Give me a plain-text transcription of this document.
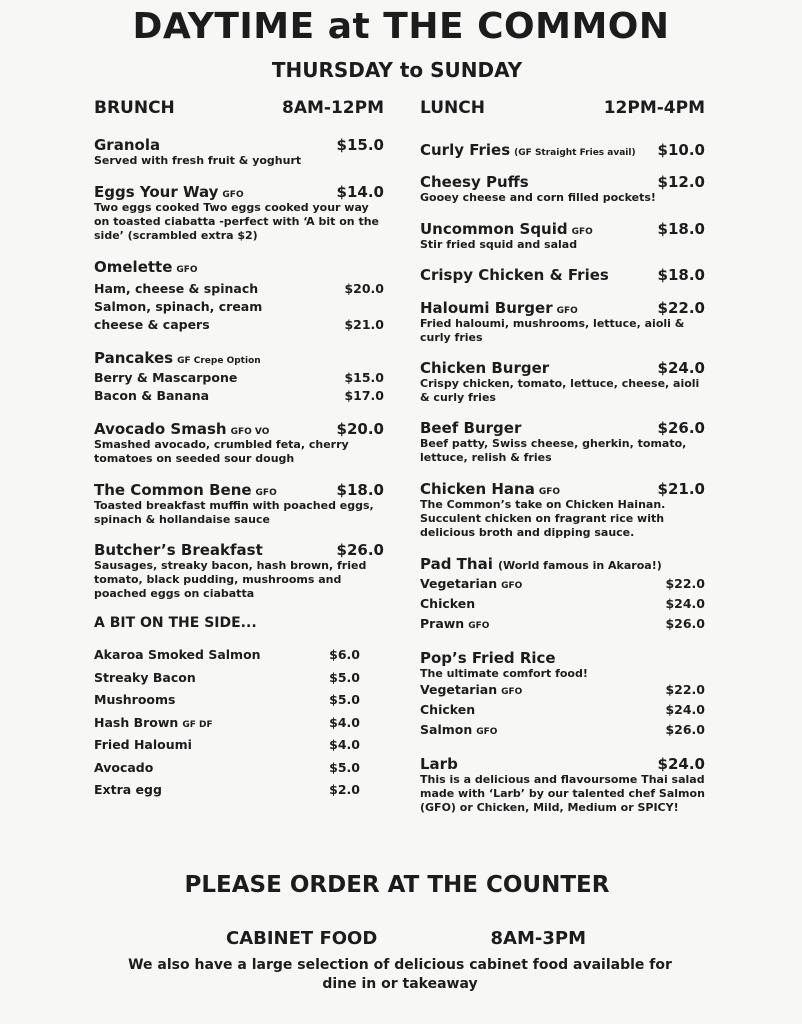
DAYTIME at THE COMMON
THURSDAY to SUNDAY
BRUNCH	8AM-12PM
Granola	$15.0
Served with fresh fruit & yoghurt
Eggs Your Way GFO	$14.0
Two eggs cooked Two eggs cooked your way on toasted ciabatta -perfect with ‘A bit on the side’ (scrambled extra $2)
Omelette GFO
Ham, cheese & spinach	$20.0
Salmon, spinach, cream
cheese & capers	$21.0
Pancakes GF Crepe Option
Berry & Mascarpone	$15.0
Bacon & Banana	$17.0
Avocado Smash GFO VO	$20.0
Smashed avocado, crumbled feta, cherry tomatoes on seeded sour dough
The Common Bene GFO	$18.0
Toasted breakfast muffin with poached eggs, spinach & hollandaise sauce
Butcher’s Breakfast	$26.0
Sausages, streaky bacon, hash brown, fried tomato, black pudding, mushrooms and poached eggs on ciabatta
A BIT ON THE SIDE...
Akaroa Smoked Salmon	$6.0
Streaky Bacon	$5.0
Mushrooms	$5.0
Hash Brown GF DF	$4.0
Fried Haloumi	$4.0
Avocado	$5.0
Extra egg	$2.0
LUNCH	12PM-4PM
Curly Fries (GF Straight Fries avail) $10.0
Cheesy Puffs	$12.0
Gooey cheese and corn filled pockets!
Uncommon Squid GFO	$18.0
Stir fried squid and salad
Crispy Chicken & Fries	$18.0
Haloumi Burger GFO	$22.0
Fried haloumi, mushrooms, lettuce, aioli & curly fries
Chicken Burger	$24.0
Crispy chicken, tomato, lettuce, cheese, aioli & curly fries
Beef Burger	$26.0
Beef patty, Swiss cheese, gherkin, tomato, lettuce, relish & fries
Chicken Hana GFO	$21.0
The Common’s take on Chicken Hainan. Succulent chicken on fragrant rice with delicious broth and dipping sauce.
Pad Thai (World famous in Akaroa!)
Vegetarian GFO	$22.0
Chicken	$24.0
Prawn GFO	$26.0
Pop’s Fried Rice
The ultimate comfort food!
Vegetarian GFO	$22.0
Chicken	$24.0
Salmon GFO	$26.0
Larb	$24.0
This is a delicious and flavoursome Thai salad made with ‘Larb’ by our talented chef Salmon (GFO) or Chicken, Mild, Medium or SPICY!
PLEASE ORDER AT THE COUNTER
CABINET FOOD	8AM-3PM
We also have a large selection of delicious cabinet food available for dine in or takeaway
